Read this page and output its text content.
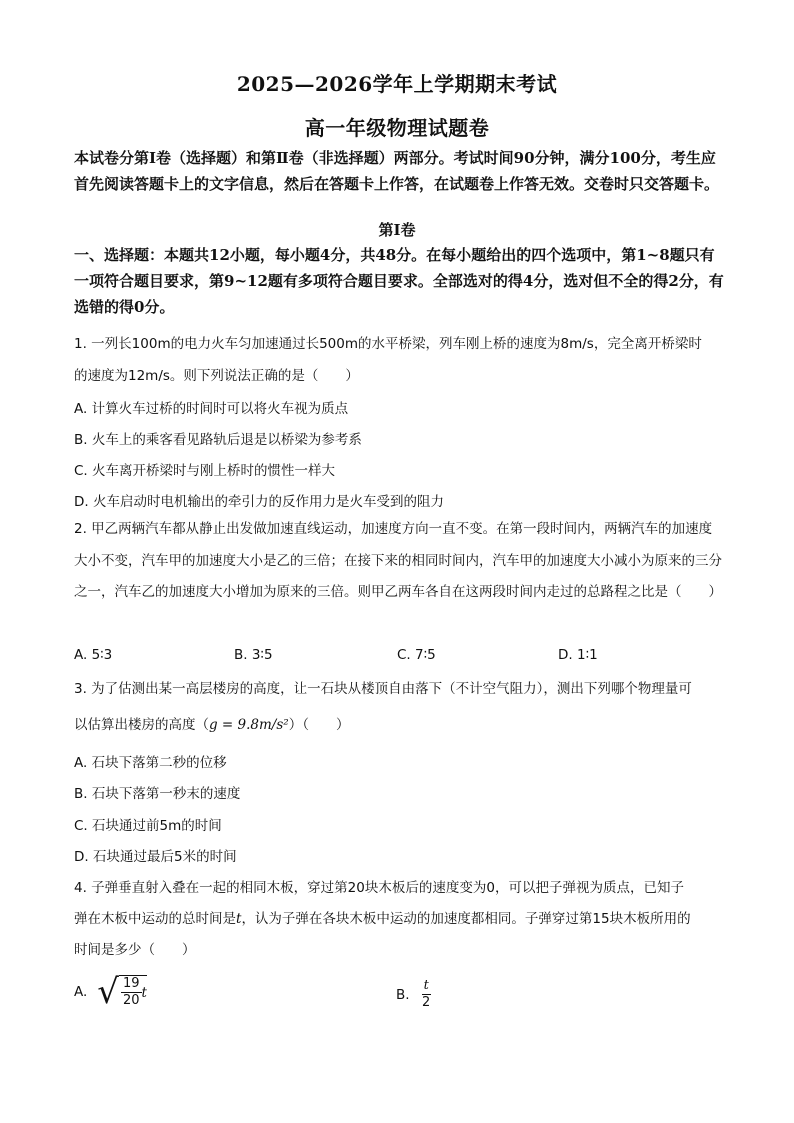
2025—2026学年上学期期末考试
高一年级物理试题卷
本试卷分第Ⅰ卷（选择题）和第Ⅱ卷（非选择题）两部分。考试时间90分钟，满分100分，考生应首先阅读答题卡上的文字信息，然后在答题卡上作答，在试题卷上作答无效。交卷时只交答题卡。
第Ⅰ卷
一、选择题：本题共12小题，每小题4分，共48分。在每小题给出的四个选项中，第1~8题只有一项符合题目要求，第9~12题有多项符合题目要求。全部选对的得4分，选对但不全的得2分，有选错的得0分。
1. 一列长100m的电力火车匀加速通过长500m的水平桥梁，列车刚上桥的速度为8m/s，完全离开桥梁时
的速度为12m/s。则下列说法正确的是（　　）
A. 计算火车过桥的时间时可以将火车视为质点
B. 火车上的乘客看见路轨后退是以桥梁为参考系
C. 火车离开桥梁时与刚上桥时的惯性一样大
D. 火车启动时电机输出的牵引力的反作用力是火车受到的阻力
2. 甲乙两辆汽车都从静止出发做加速直线运动，加速度方向一直不变。在第一段时间内，两辆汽车的加速度大小不变，汽车甲的加速度大小是乙的三倍；在接下来的相同时间内，汽车甲的加速度大小减小为原来的三分之一，汽车乙的加速度大小增加为原来的三倍。则甲乙两车各自在这两段时间内走过的总路程之比是（　　）
A. 5∶3	B. 3∶5	C. 7∶5	D. 1∶1
3. 为了估测出某一高层楼房的高度，让一石块从楼顶自由落下（不计空气阻力），测出下列哪个物理量可
以估算出楼房的高度（g = 9.8m/s²）（　　）
A. 石块下落第二秒的位移
B. 石块下落第一秒末的速度
C. 石块通过前5m的时间
D. 石块通过最后5米的时间
4. 子弹垂直射入叠在一起的相同木板，穿过第20块木板后的速度变为0，可以把子弹视为质点，已知子
弹在木板中运动的总时间是t，认为子弹在各块木板中运动的加速度都相同。子弹穿过第15块木板所用的
时间是多少（　　）
A. √ $\frac{19}{20}$ t	B. $\frac{t}{2}$
